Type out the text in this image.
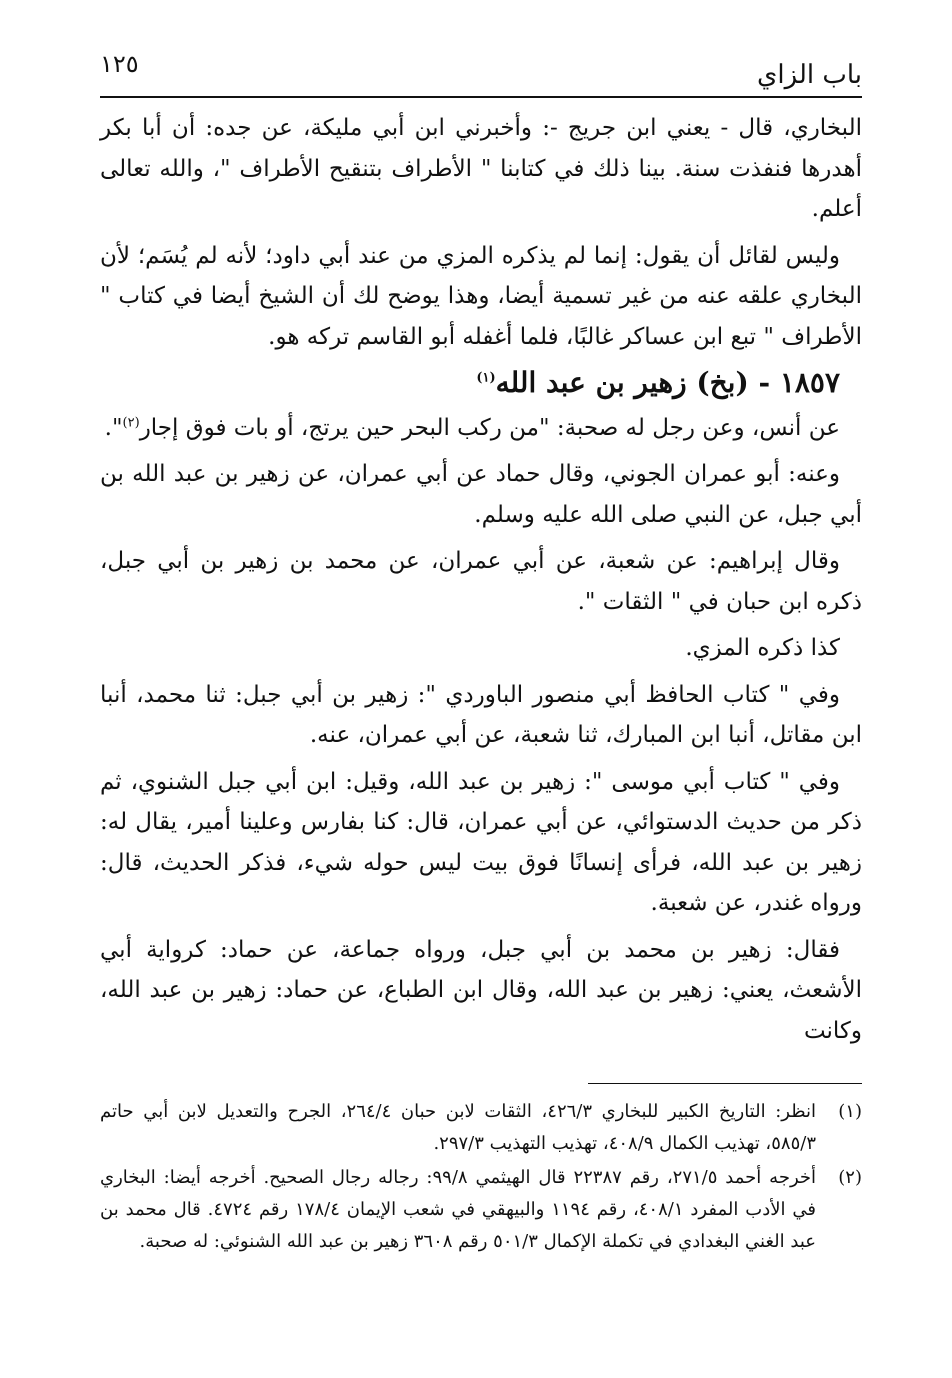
باب الزاي
١٢٥

البخاري، قال - يعني ابن جريج -: وأخبرني ابن أبي مليكة، عن جده: أن أبا بكر أهدرها فنفذت سنة. بينا ذلك في كتابنا " الأطراف بتنقيح الأطراف "، والله تعالى أعلم.

وليس لقائل أن يقول: إنما لم يذكره المزي من عند أبي داود؛ لأنه لم يُسَم؛ لأن البخاري علقه عنه من غير تسمية أيضا، وهذا يوضح لك أن الشيخ أيضا في كتاب " الأطراف " تبع ابن عساكر غالبًا، فلما أغفله أبو القاسم تركه هو.

١٨٥٧ - (بخ) زهير بن عبد الله$^{(١)}$

عن أنس، وعن رجل له صحبة: "من ركب البحر حين يرتج، أو بات فوق إجار$^{(٢)}$".

وعنه: أبو عمران الجوني، وقال حماد عن أبي عمران، عن زهير بن عبد الله بن أبي جبل، عن النبي صلى الله عليه وسلم.

وقال إبراهيم: عن شعبة، عن أبي عمران، عن محمد بن زهير بن أبي جبل، ذكره ابن حبان في " الثقات ".

كذا ذكره المزي.

وفي " كتاب الحافظ أبي منصور الباوردي ": زهير بن أبي جبل: ثنا محمد، أنبا ابن مقاتل، أنبا ابن المبارك، ثنا شعبة، عن أبي عمران، عنه.

وفي " كتاب أبي موسى ": زهير بن عبد الله، وقيل: ابن أبي جبل الشنوي، ثم ذكر من حديث الدستوائي، عن أبي عمران، قال: كنا بفارس وعلينا أمير، يقال له: زهير بن عبد الله، فرأى إنسانًا فوق بيت ليس حوله شيء، فذكر الحديث، قال: ورواه غندر، عن شعبة.

فقال: زهير بن محمد بن أبي جبل، ورواه جماعة، عن حماد: كرواية أبي الأشعث، يعني: زهير بن عبد الله، وقال ابن الطباع، عن حماد: زهير بن عبد الله، وكانت

(١)
انظر: التاريخ الكبير للبخاري ٤٢٦/٣، الثقات لابن حبان ٢٦٤/٤، الجرح والتعديل لابن أبي حاتم ٥٨٥/٣، تهذيب الكمال ٤٠٨/٩، تهذيب التهذيب ٢٩٧/٣.
(٢)
أخرجه أحمد ٢٧١/٥، رقم ٢٢٣٨٧ قال الهيثمي ٩٩/٨: رجاله رجال الصحيح. أخرجه أيضا: البخاري في الأدب المفرد ٤٠٨/١، رقم ١١٩٤ والبيهقي في شعب الإيمان ١٧٨/٤ رقم ٤٧٢٤. قال محمد بن عبد الغني البغدادي في تكملة الإكمال ٥٠١/٣ رقم ٣٦٠٨ زهير بن عبد الله الشنوئي: له صحبة.
